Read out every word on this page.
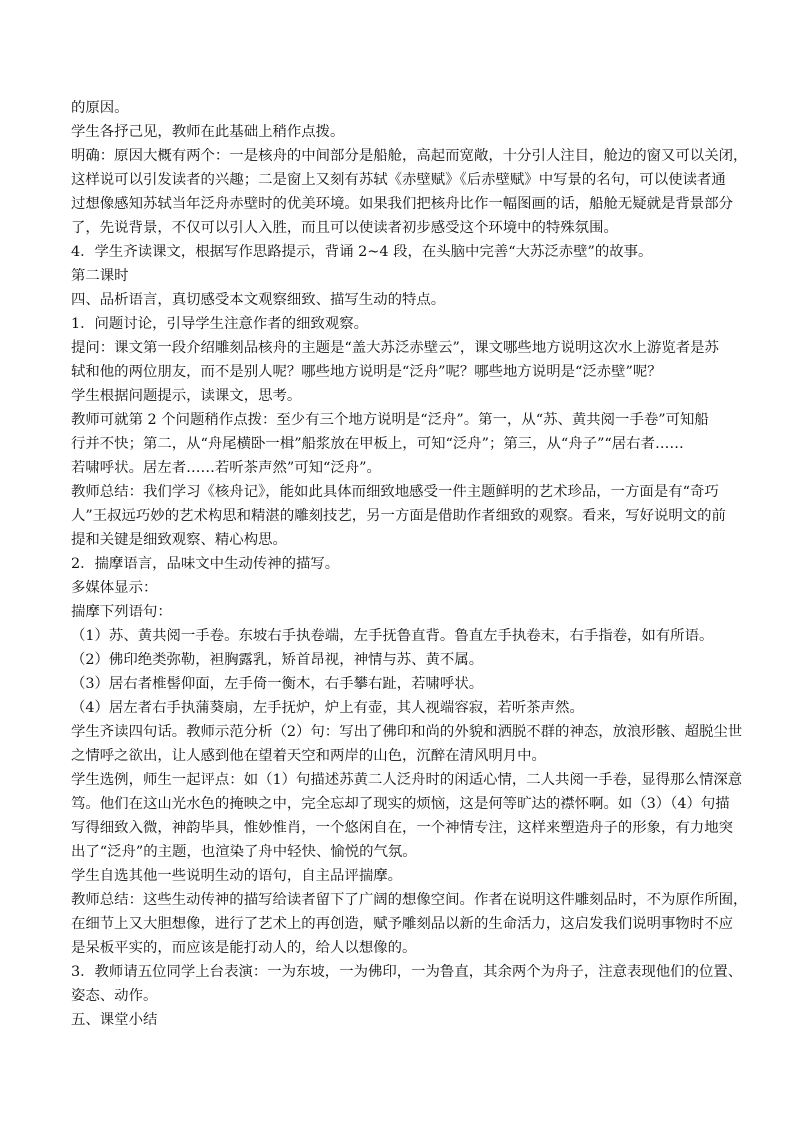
的原因。
学生各抒己见，教师在此基础上稍作点拨。
明确：原因大概有两个：一是核舟的中间部分是船舱，高起而宽敞，十分引人注目，舱边的窗又可以关闭，
这样说可以引发读者的兴趣；二是窗上又刻有苏轼《赤壁赋》《后赤壁赋》中写景的名句，可以使读者通
过想像感知苏轼当年泛舟赤壁时的优美环境。如果我们把核舟比作一幅图画的话，船舱无疑就是背景部分
了，先说背景，不仅可以引人入胜，而且可以使读者初步感受这个环境中的特殊氛围。
4．学生齐读课文，根据写作思路提示，背诵 2~4 段，在头脑中完善“大苏泛赤壁”的故事。
第二课时
四、品析语言，真切感受本文观察细致、描写生动的特点。
1．问题讨论，引导学生注意作者的细致观察。
提问：课文第一段介绍雕刻品核舟的主题是“盖大苏泛赤壁云”，课文哪些地方说明这次水上游览者是苏
轼和他的两位朋友，而不是别人呢？哪些地方说明是“泛舟”呢？哪些地方说明是“泛赤壁”呢？
学生根据问题提示，读课文，思考。
教师可就第 2 个问题稍作点拨：至少有三个地方说明是“泛舟”。第一，从“苏、黄共阅一手卷”可知船
行并不快；第二，从“舟尾横卧一楫”船浆放在甲板上，可知“泛舟”；第三，从“舟子”“居右者……
若啸呼状。居左者……若听茶声然”可知“泛舟”。
教师总结：我们学习《核舟记》，能如此具体而细致地感受一件主题鲜明的艺术珍品，一方面是有“奇巧
人”王叔远巧妙的艺术构思和精湛的雕刻技艺，另一方面是借助作者细致的观察。看来，写好说明文的前
提和关键是细致观察、精心构思。
2．揣摩语言，品味文中生动传神的描写。
多媒体显示：
揣摩下列语句：
（1）苏、黄共阅一手卷。东坡右手执卷端，左手抚鲁直背。鲁直左手执卷末，右手指卷，如有所语。
（2）佛印绝类弥勒，袒胸露乳，矫首昂视，神情与苏、黄不属。
（3）居右者椎髻仰面，左手倚一衡木，右手攀右趾，若啸呼状。
（4）居左者右手执蒲葵扇，左手抚炉，炉上有壶，其人视端容寂，若听茶声然。
学生齐读四句话。教师示范分析（2）句：写出了佛印和尚的外貌和洒脱不群的神态，放浪形骸、超脱尘世
之情呼之欲出，让人感到他在望着天空和两岸的山色，沉醉在清风明月中。
学生选例，师生一起评点：如（1）句描述苏黄二人泛舟时的闲适心情，二人共阅一手卷，显得那么情深意
笃。他们在这山光水色的掩映之中，完全忘却了现实的烦恼，这是何等旷达的襟怀啊。如（3）（4）句描
写得细致入微，神韵毕具，惟妙惟肖，一个悠闲自在，一个神情专注，这样来塑造舟子的形象，有力地突
出了“泛舟”的主题，也渲染了舟中轻快、愉悦的气氛。
学生自选其他一些说明生动的语句，自主品评揣摩。
教师总结：这些生动传神的描写给读者留下了广阔的想像空间。作者在说明这件雕刻品时，不为原作所囿，
在细节上又大胆想像，进行了艺术上的再创造，赋予雕刻品以新的生命活力，这启发我们说明事物时不应
是呆板平实的，而应该是能打动人的，给人以想像的。
3．教师请五位同学上台表演：一为东坡，一为佛印，一为鲁直，其余两个为舟子，注意表现他们的位置、
姿态、动作。
五、课堂小结
